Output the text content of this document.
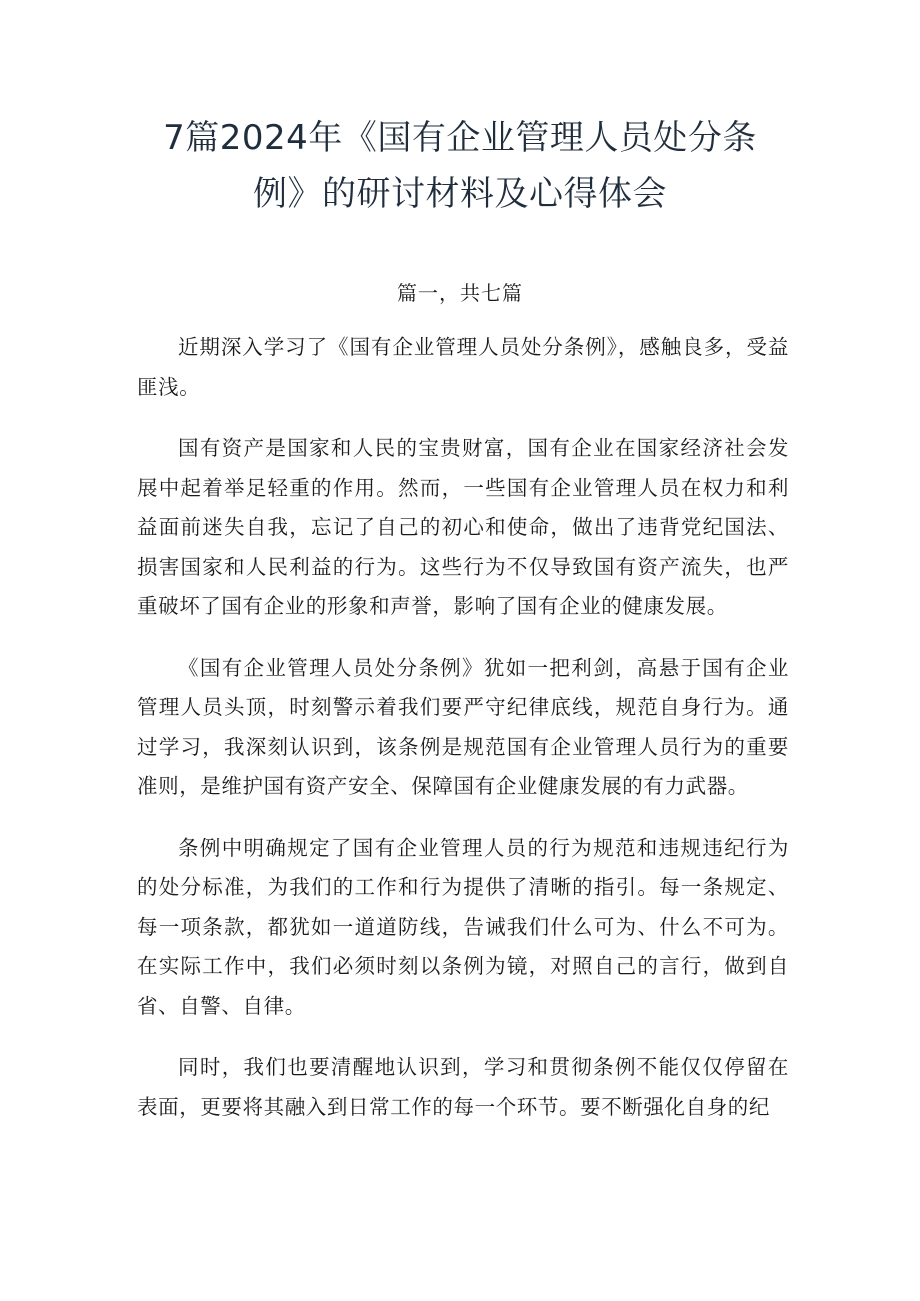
7篇2024年《国有企业管理人员处分条
例》的研讨材料及心得体会
篇一，共七篇

近期深入学习了《国有企业管理人员处分条例》，感触良多，受益匪浅。

国有资产是国家和人民的宝贵财富，国有企业在国家经济社会发展中起着举足轻重的作用。然而，一些国有企业管理人员在权力和利益面前迷失自我，忘记了自己的初心和使命，做出了违背党纪国法、损害国家和人民利益的行为。这些行为不仅导致国有资产流失，也严重破坏了国有企业的形象和声誉，影响了国有企业的健康发展。

《国有企业管理人员处分条例》犹如一把利剑，高悬于国有企业管理人员头顶，时刻警示着我们要严守纪律底线，规范自身行为。通过学习，我深刻认识到，该条例是规范国有企业管理人员行为的重要准则，是维护国有资产安全、保障国有企业健康发展的有力武器。

条例中明确规定了国有企业管理人员的行为规范和违规违纪行为的处分标准，为我们的工作和行为提供了清晰的指引。每一条规定、每一项条款，都犹如一道道防线，告诫我们什么可为、什么不可为。在实际工作中，我们必须时刻以条例为镜，对照自己的言行，做到自省、自警、自律。

同时，我们也要清醒地认识到，学习和贯彻条例不能仅仅停留在表面，更要将其融入到日常工作的每一个环节。要不断强化自身的纪
